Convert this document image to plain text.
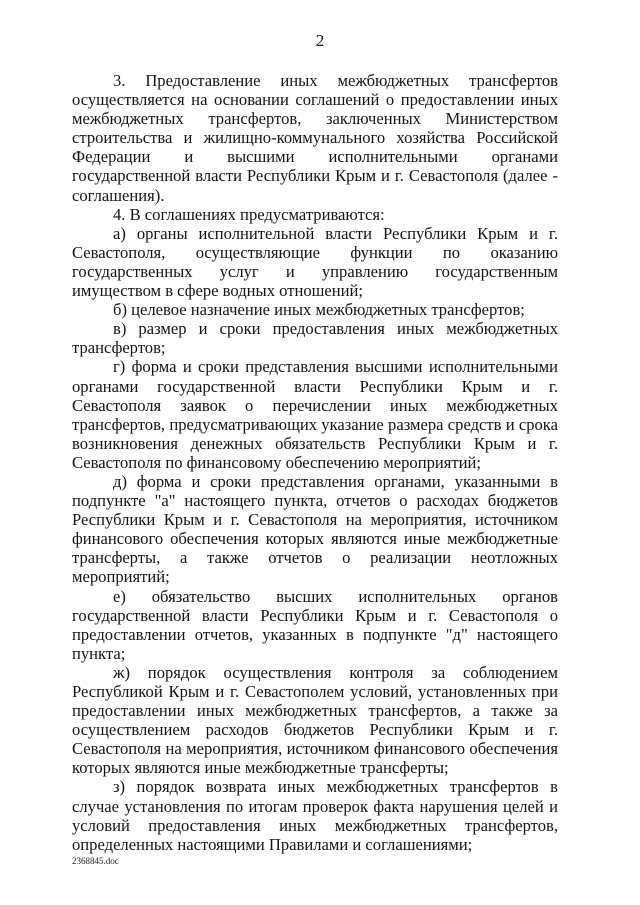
2

3. Предоставление иных межбюджетных трансфертов осуществляется на основании соглашений о предоставлении иных межбюджетных трансфертов, заключенных Министерством строительства и жилищно-коммунального хозяйства Российской Федерации и высшими исполнительными органами государственной власти Республики Крым и г. Севастополя (далее - соглашения).

4. В соглашениях предусматриваются:

а) органы исполнительной власти Республики Крым и г. Севастополя, осуществляющие функции по оказанию государственных услуг и управлению государственным имуществом в сфере водных отношений;

б) целевое назначение иных межбюджетных трансфертов;

в) размер и сроки предоставления иных межбюджетных трансфертов;

г) форма и сроки представления высшими исполнительными органами государственной власти Республики Крым и г. Севастополя заявок о перечислении иных межбюджетных трансфертов, предусматривающих указание размера средств и срока возникновения денежных обязательств Республики Крым и г. Севастополя по финансовому обеспечению мероприятий;

д) форма и сроки представления органами, указанными в подпункте "а" настоящего пункта, отчетов о расходах бюджетов Республики Крым и г. Севастополя на мероприятия, источником финансового обеспечения которых являются иные межбюджетные трансферты, а также отчетов о реализации неотложных мероприятий;

е) обязательство высших исполнительных органов государственной власти Республики Крым и г. Севастополя о предоставлении отчетов, указанных в подпункте "д" настоящего пункта;

ж) порядок осуществления контроля за соблюдением Республикой Крым и г. Севастополем условий, установленных при предоставлении иных межбюджетных трансфертов, а также за осуществлением расходов бюджетов Республики Крым и г. Севастополя на мероприятия, источником финансового обеспечения которых являются иные межбюджетные трансферты;

з) порядок возврата иных межбюджетных трансфертов в случае установления по итогам проверок факта нарушения целей и условий предоставления иных межбюджетных трансфертов, определенных настоящими Правилами и соглашениями;

2368845.doc
